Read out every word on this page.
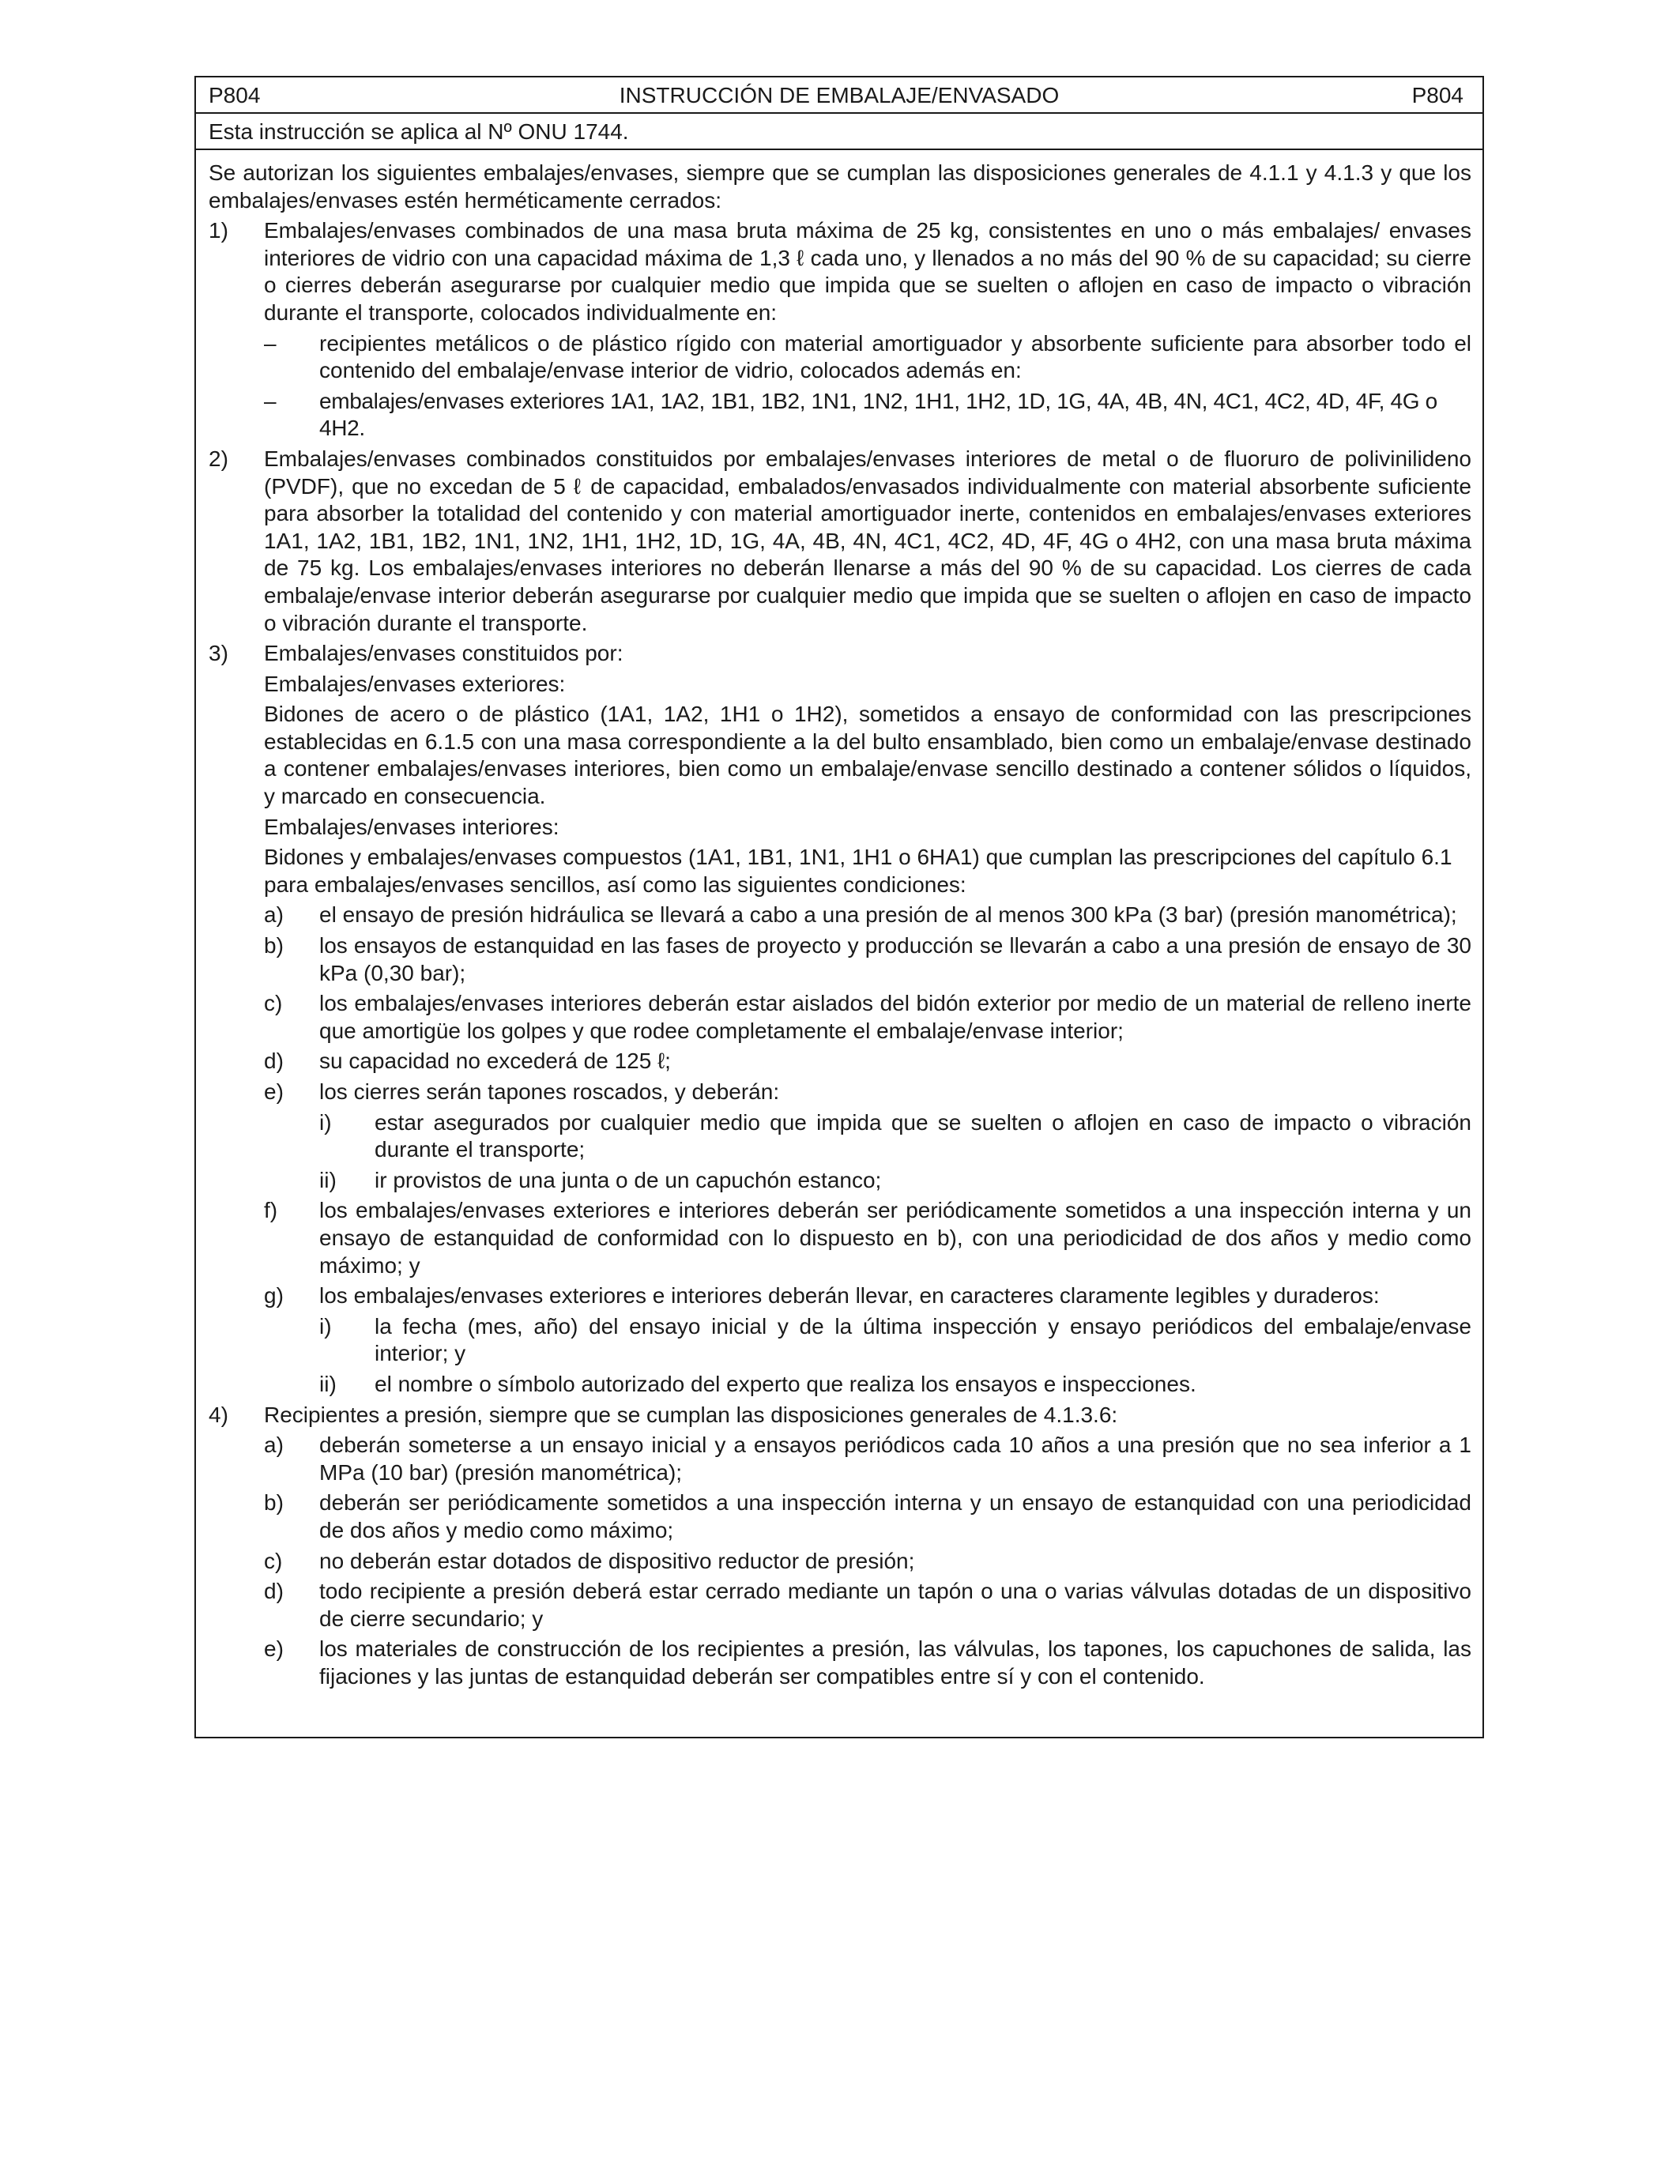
P804	INSTRUCCIÓN DE EMBALAJE/ENVASADO	P804
Esta instrucción se aplica al Nº ONU 1744.
Se autorizan los siguientes embalajes/envases, siempre que se cumplan las disposiciones generales de 4.1.1 y 4.1.3 y que los embalajes/envases estén herméticamente cerrados:
1)	Embalajes/envases combinados de una masa bruta máxima de 25 kg, consistentes en uno o más embalajes/ envases interiores de vidrio con una capacidad máxima de 1,3 ℓ cada uno, y llenados a no más del 90 % de su capacidad; su cierre o cierres deberán asegurarse por cualquier medio que impida que se suelten o aflojen en caso de impacto o vibración durante el transporte, colocados individualmente en:
–	recipientes metálicos o de plástico rígido con material amortiguador y absorbente suficiente para absorber todo el contenido del embalaje/envase interior de vidrio, colocados además en:
–	embalajes/envases exteriores 1A1, 1A2, 1B1, 1B2, 1N1, 1N2, 1H1, 1H2, 1D, 1G, 4A, 4B, 4N, 4C1, 4C2, 4D, 4F, 4G o 4H2.
2)	Embalajes/envases combinados constituidos por embalajes/envases interiores de metal o de fluoruro de polivinilideno (PVDF), que no excedan de 5 ℓ de capacidad, embalados/envasados individualmente con material absorbente suficiente para absorber la totalidad del contenido y con material amortiguador inerte, contenidos en embalajes/envases exteriores 1A1, 1A2, 1B1, 1B2, 1N1, 1N2, 1H1, 1H2, 1D, 1G, 4A, 4B, 4N, 4C1, 4C2, 4D, 4F, 4G o 4H2, con una masa bruta máxima de 75 kg. Los embalajes/envases interiores no deberán llenarse a más del 90 % de su capacidad. Los cierres de cada embalaje/envase interior deberán asegurarse por cualquier medio que impida que se suelten o aflojen en caso de impacto o vibración durante el transporte.
3)	Embalajes/envases constituidos por:
Embalajes/envases exteriores:
Bidones de acero o de plástico (1A1, 1A2, 1H1 o 1H2), sometidos a ensayo de conformidad con las prescripciones establecidas en 6.1.5 con una masa correspondiente a la del bulto ensamblado, bien como un embalaje/envase destinado a contener embalajes/envases interiores, bien como un embalaje/envase sencillo destinado a contener sólidos o líquidos, y marcado en consecuencia.
Embalajes/envases interiores:
Bidones y embalajes/envases compuestos (1A1, 1B1, 1N1, 1H1 o 6HA1) que cumplan las prescripciones del capítulo 6.1 para embalajes/envases sencillos, así como las siguientes condiciones:
a)	el ensayo de presión hidráulica se llevará a cabo a una presión de al menos 300 kPa (3 bar) (presión manométrica);
b)	los ensayos de estanquidad en las fases de proyecto y producción se llevarán a cabo a una presión de ensayo de 30 kPa (0,30 bar);
c)	los embalajes/envases interiores deberán estar aislados del bidón exterior por medio de un material de relleno inerte que amortigüe los golpes y que rodee completamente el embalaje/envase interior;
d)	su capacidad no excederá de 125 ℓ;
e)	los cierres serán tapones roscados, y deberán:
i)	estar asegurados por cualquier medio que impida que se suelten o aflojen en caso de impacto o vibración durante el transporte;
ii)	ir provistos de una junta o de un capuchón estanco;
f)	los embalajes/envases exteriores e interiores deberán ser periódicamente sometidos a una inspección interna y un ensayo de estanquidad de conformidad con lo dispuesto en b), con una periodicidad de dos años y medio como máximo; y
g)	los embalajes/envases exteriores e interiores deberán llevar, en caracteres claramente legibles y duraderos:
i)	la fecha (mes, año) del ensayo inicial y de la última inspección y ensayo periódicos del embalaje/envase interior; y
ii)	el nombre o símbolo autorizado del experto que realiza los ensayos e inspecciones.
4)	Recipientes a presión, siempre que se cumplan las disposiciones generales de 4.1.3.6:
a)	deberán someterse a un ensayo inicial y a ensayos periódicos cada 10 años a una presión que no sea inferior a 1 MPa (10 bar) (presión manométrica);
b)	deberán ser periódicamente sometidos a una inspección interna y un ensayo de estanquidad con una periodicidad de dos años y medio como máximo;
c)	no deberán estar dotados de dispositivo reductor de presión;
d)	todo recipiente a presión deberá estar cerrado mediante un tapón o una o varias válvulas dotadas de un dispositivo de cierre secundario; y
e)	los materiales de construcción de los recipientes a presión, las válvulas, los tapones, los capuchones de salida, las fijaciones y las juntas de estanquidad deberán ser compatibles entre sí y con el contenido.
